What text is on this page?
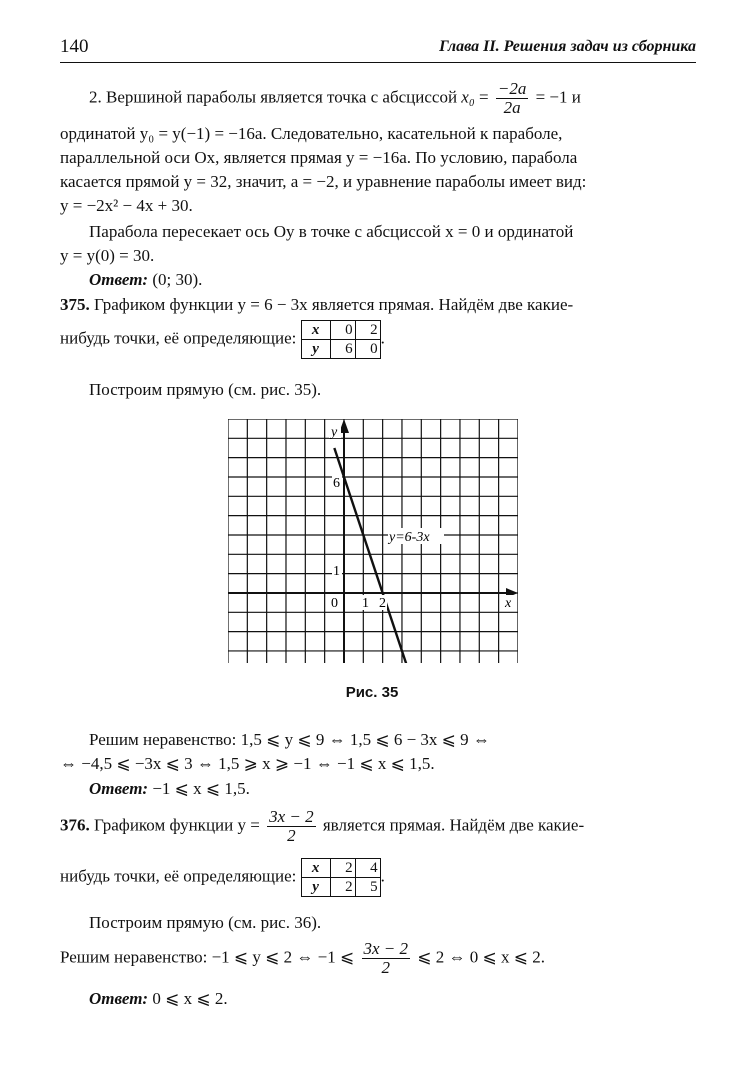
140	Глава II. Решения задач из сборника
2. Вершиной параболы является точка с абсциссой $x_0 = \frac{-2a}{2a} = -1$ и
ординатой y₀ = y(−1) = −16a. Следовательно, касательной к параболе,
параллельной оси Ox, является прямая y = −16a. По условию, парабола
касается прямой y = 32, значит, a = −2, и уравнение параболы имеет вид:
y = −2x² − 4x + 30.
Парабола пересекает ось Oy в точке с абсциссой x = 0 и ординатой
y = y(0) = 30.
Ответ: (0; 30).
375. Графиком функции y = 6 − 3x является прямая. Найдём две какие-
нибудь точки, её определяющие: x	0	2
y	6	0.
Построим прямую (см. рис. 35).
y
x
0
6
1
1 2
y=6-3x
Рис. 35
Решим неравенство: 1,5 ⩽ y ⩽ 9 ⇔ 1,5 ⩽ 6 − 3x ⩽ 9 ⇔
⇔ −4,5 ⩽ −3x ⩽ 3 ⇔ 1,5 ⩾ x ⩾ −1 ⇔ −1 ⩽ x ⩽ 1,5.
Ответ: −1 ⩽ x ⩽ 1,5.
376. Графиком функции $y = \frac{3x - 2}{2}$ является прямая. Найдём две какие-
нибудь точки, её определяющие: x	2	4
y	2	5.
Построим прямую (см. рис. 36).
Решим неравенство: −1 ⩽ y ⩽ 2 ⇔ −1 ⩽ $\frac{3x - 2}{2}$ ⩽ 2 ⇔ 0 ⩽ x ⩽ 2.
Ответ: 0 ⩽ x ⩽ 2.
